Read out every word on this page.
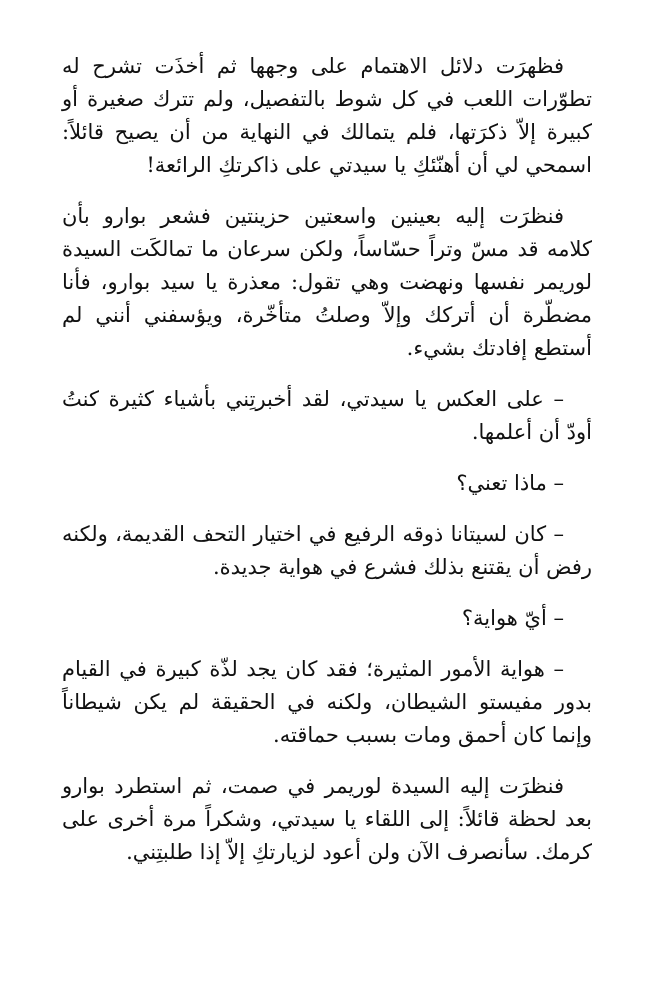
فظهرَت دلائل الاهتمام على وجهها ثم أخذَت تشرح له تطوّرات اللعب في كل شوط بالتفصيل، ولم تترك صغيرة أو كبيرة إلاّ ذكرَتها، فلم يتمالك في النهاية من أن يصيح قائلاً: اسمحي لي أن أهنّئكِ يا سيدتي على ذاكرتكِ الرائعة!

فنظرَت إليه بعينين واسعتين حزينتين فشعر بوارو بأن كلامه قد مسّ وتراً حسّاساً، ولكن سرعان ما تمالكَت السيدة لوريمر نفسها ونهضت وهي تقول: معذرة يا سيد بوارو، فأنا مضطّرة أن أتركك وإلاّ وصلتُ متأخّرة، ويؤسفني أنني لم أستطع إفادتك بشيء.

– على العكس يا سيدتي، لقد أخبرتِني بأشياء كثيرة كنتُ أودّ أن أعلمها.

– ماذا تعني؟

– كان لسيتانا ذوقه الرفيع في اختيار التحف القديمة، ولكنه رفض أن يقتنع بذلك فشرع في هواية جديدة.

– أيّ هواية؟

– هواية الأمور المثيرة؛ فقد كان يجد لذّة كبيرة في القيام بدور مفيستو الشيطان، ولكنه في الحقيقة لم يكن شيطاناً وإنما كان أحمق ومات بسبب حماقته.

فنظرَت إليه السيدة لوريمر في صمت، ثم استطرد بوارو بعد لحظة قائلاً: إلى اللقاء يا سيدتي، وشكراً مرة أخرى على كرمك. سأنصرف الآن ولن أعود لزيارتكِ إلاّ إذا طلبتِني.
